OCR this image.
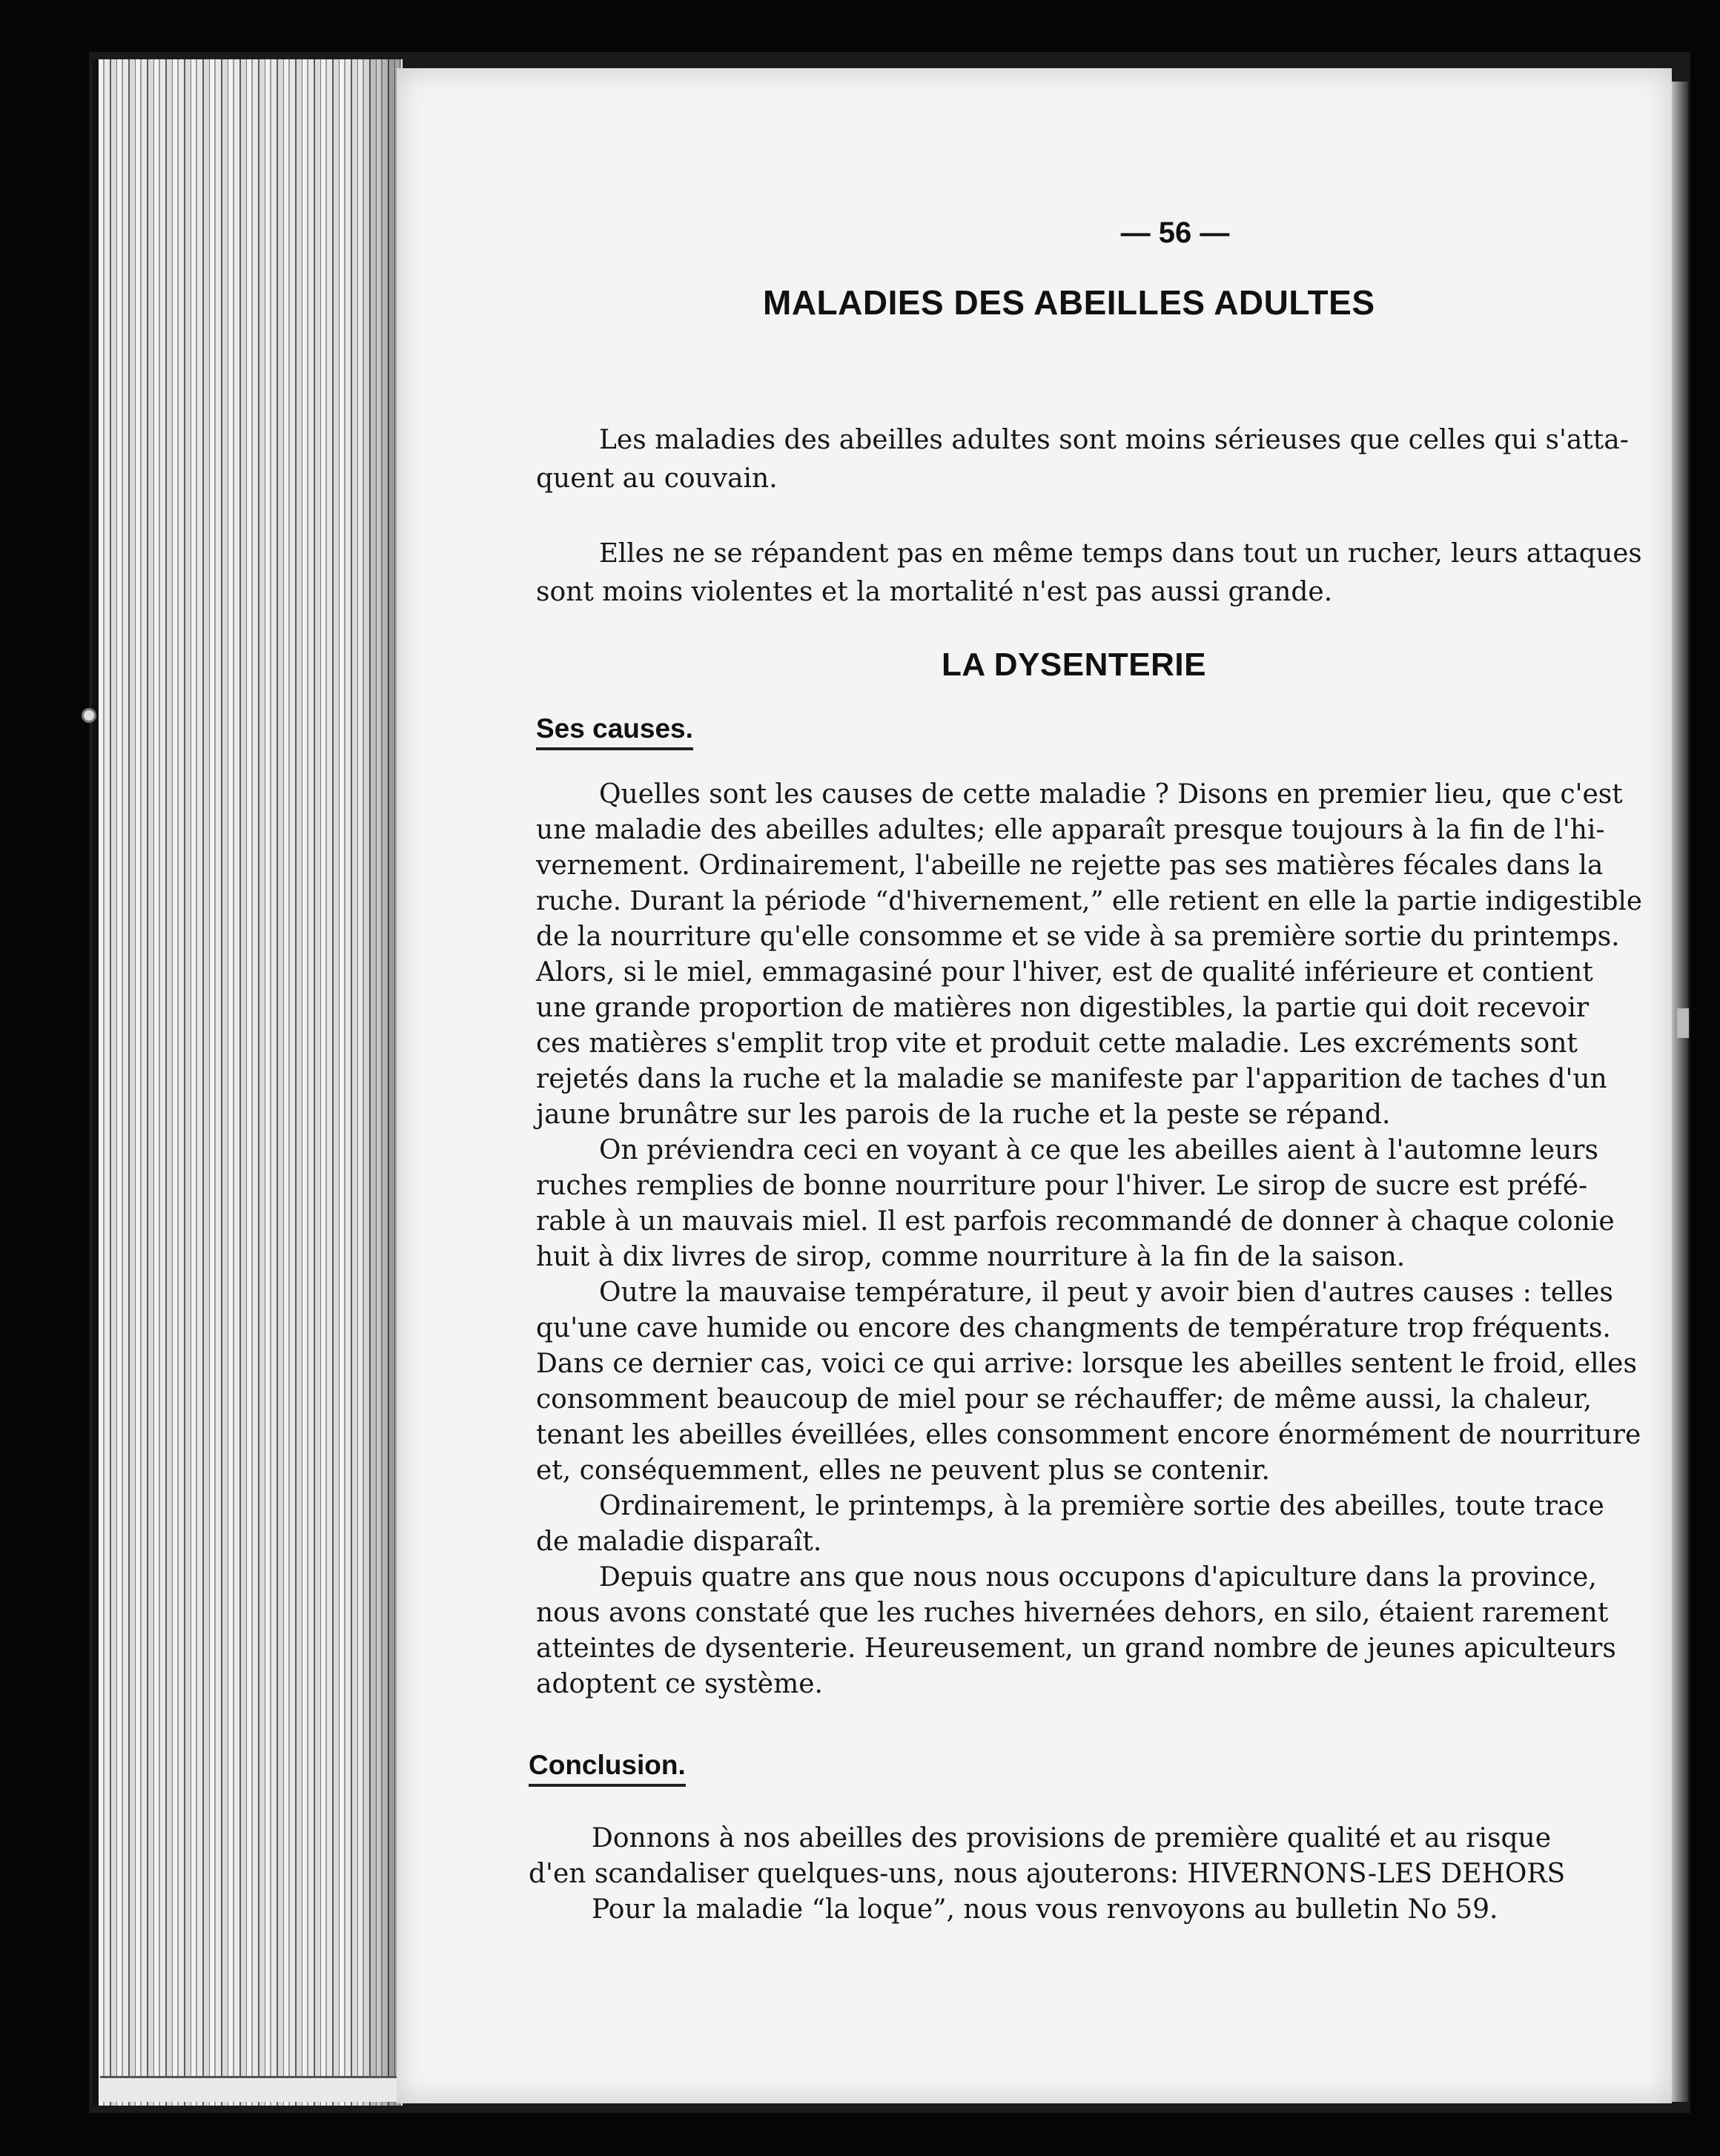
— 56 —
MALADIES DES ABEILLES ADULTES
Les maladies des abeilles adultes sont moins sérieuses que celles qui s'atta-
quent au couvain.
Elles ne se répandent pas en même temps dans tout un rucher, leurs attaques
sont moins violentes et la mortalité n'est pas aussi grande.
LA DYSENTERIE
Ses causes.
Quelles sont les causes de cette maladie ? Disons en premier lieu, que c'est
une maladie des abeilles adultes; elle apparaît presque toujours à la fin de l'hi-
vernement. Ordinairement, l'abeille ne rejette pas ses matières fécales dans la
ruche. Durant la période “d'hivernement,” elle retient en elle la partie indigestible
de la nourriture qu'elle consomme et se vide à sa première sortie du printemps.
Alors, si le miel, emmagasiné pour l'hiver, est de qualité inférieure et contient
une grande proportion de matières non digestibles, la partie qui doit recevoir
ces matières s'emplit trop vite et produit cette maladie. Les excréments sont
rejetés dans la ruche et la maladie se manifeste par l'apparition de taches d'un
jaune brunâtre sur les parois de la ruche et la peste se répand.
On préviendra ceci en voyant à ce que les abeilles aient à l'automne leurs
ruches remplies de bonne nourriture pour l'hiver. Le sirop de sucre est préfé-
rable à un mauvais miel. Il est parfois recommandé de donner à chaque colonie
huit à dix livres de sirop, comme nourriture à la fin de la saison.
Outre la mauvaise température, il peut y avoir bien d'autres causes : telles
qu'une cave humide ou encore des changments de température trop fréquents.
Dans ce dernier cas, voici ce qui arrive: lorsque les abeilles sentent le froid, elles
consomment beaucoup de miel pour se réchauffer; de même aussi, la chaleur,
tenant les abeilles éveillées, elles consomment encore énormément de nourriture
et, conséquemment, elles ne peuvent plus se contenir.
Ordinairement, le printemps, à la première sortie des abeilles, toute trace
de maladie disparaît.
Depuis quatre ans que nous nous occupons d'apiculture dans la province,
nous avons constaté que les ruches hivernées dehors, en silo, étaient rarement
atteintes de dysenterie. Heureusement, un grand nombre de jeunes apiculteurs
adoptent ce système.
Conclusion.
Donnons à nos abeilles des provisions de première qualité et au risque
d'en scandaliser quelques-uns, nous ajouterons: HIVERNONS-LES DEHORS
Pour la maladie “la loque”, nous vous renvoyons au bulletin No 59.
